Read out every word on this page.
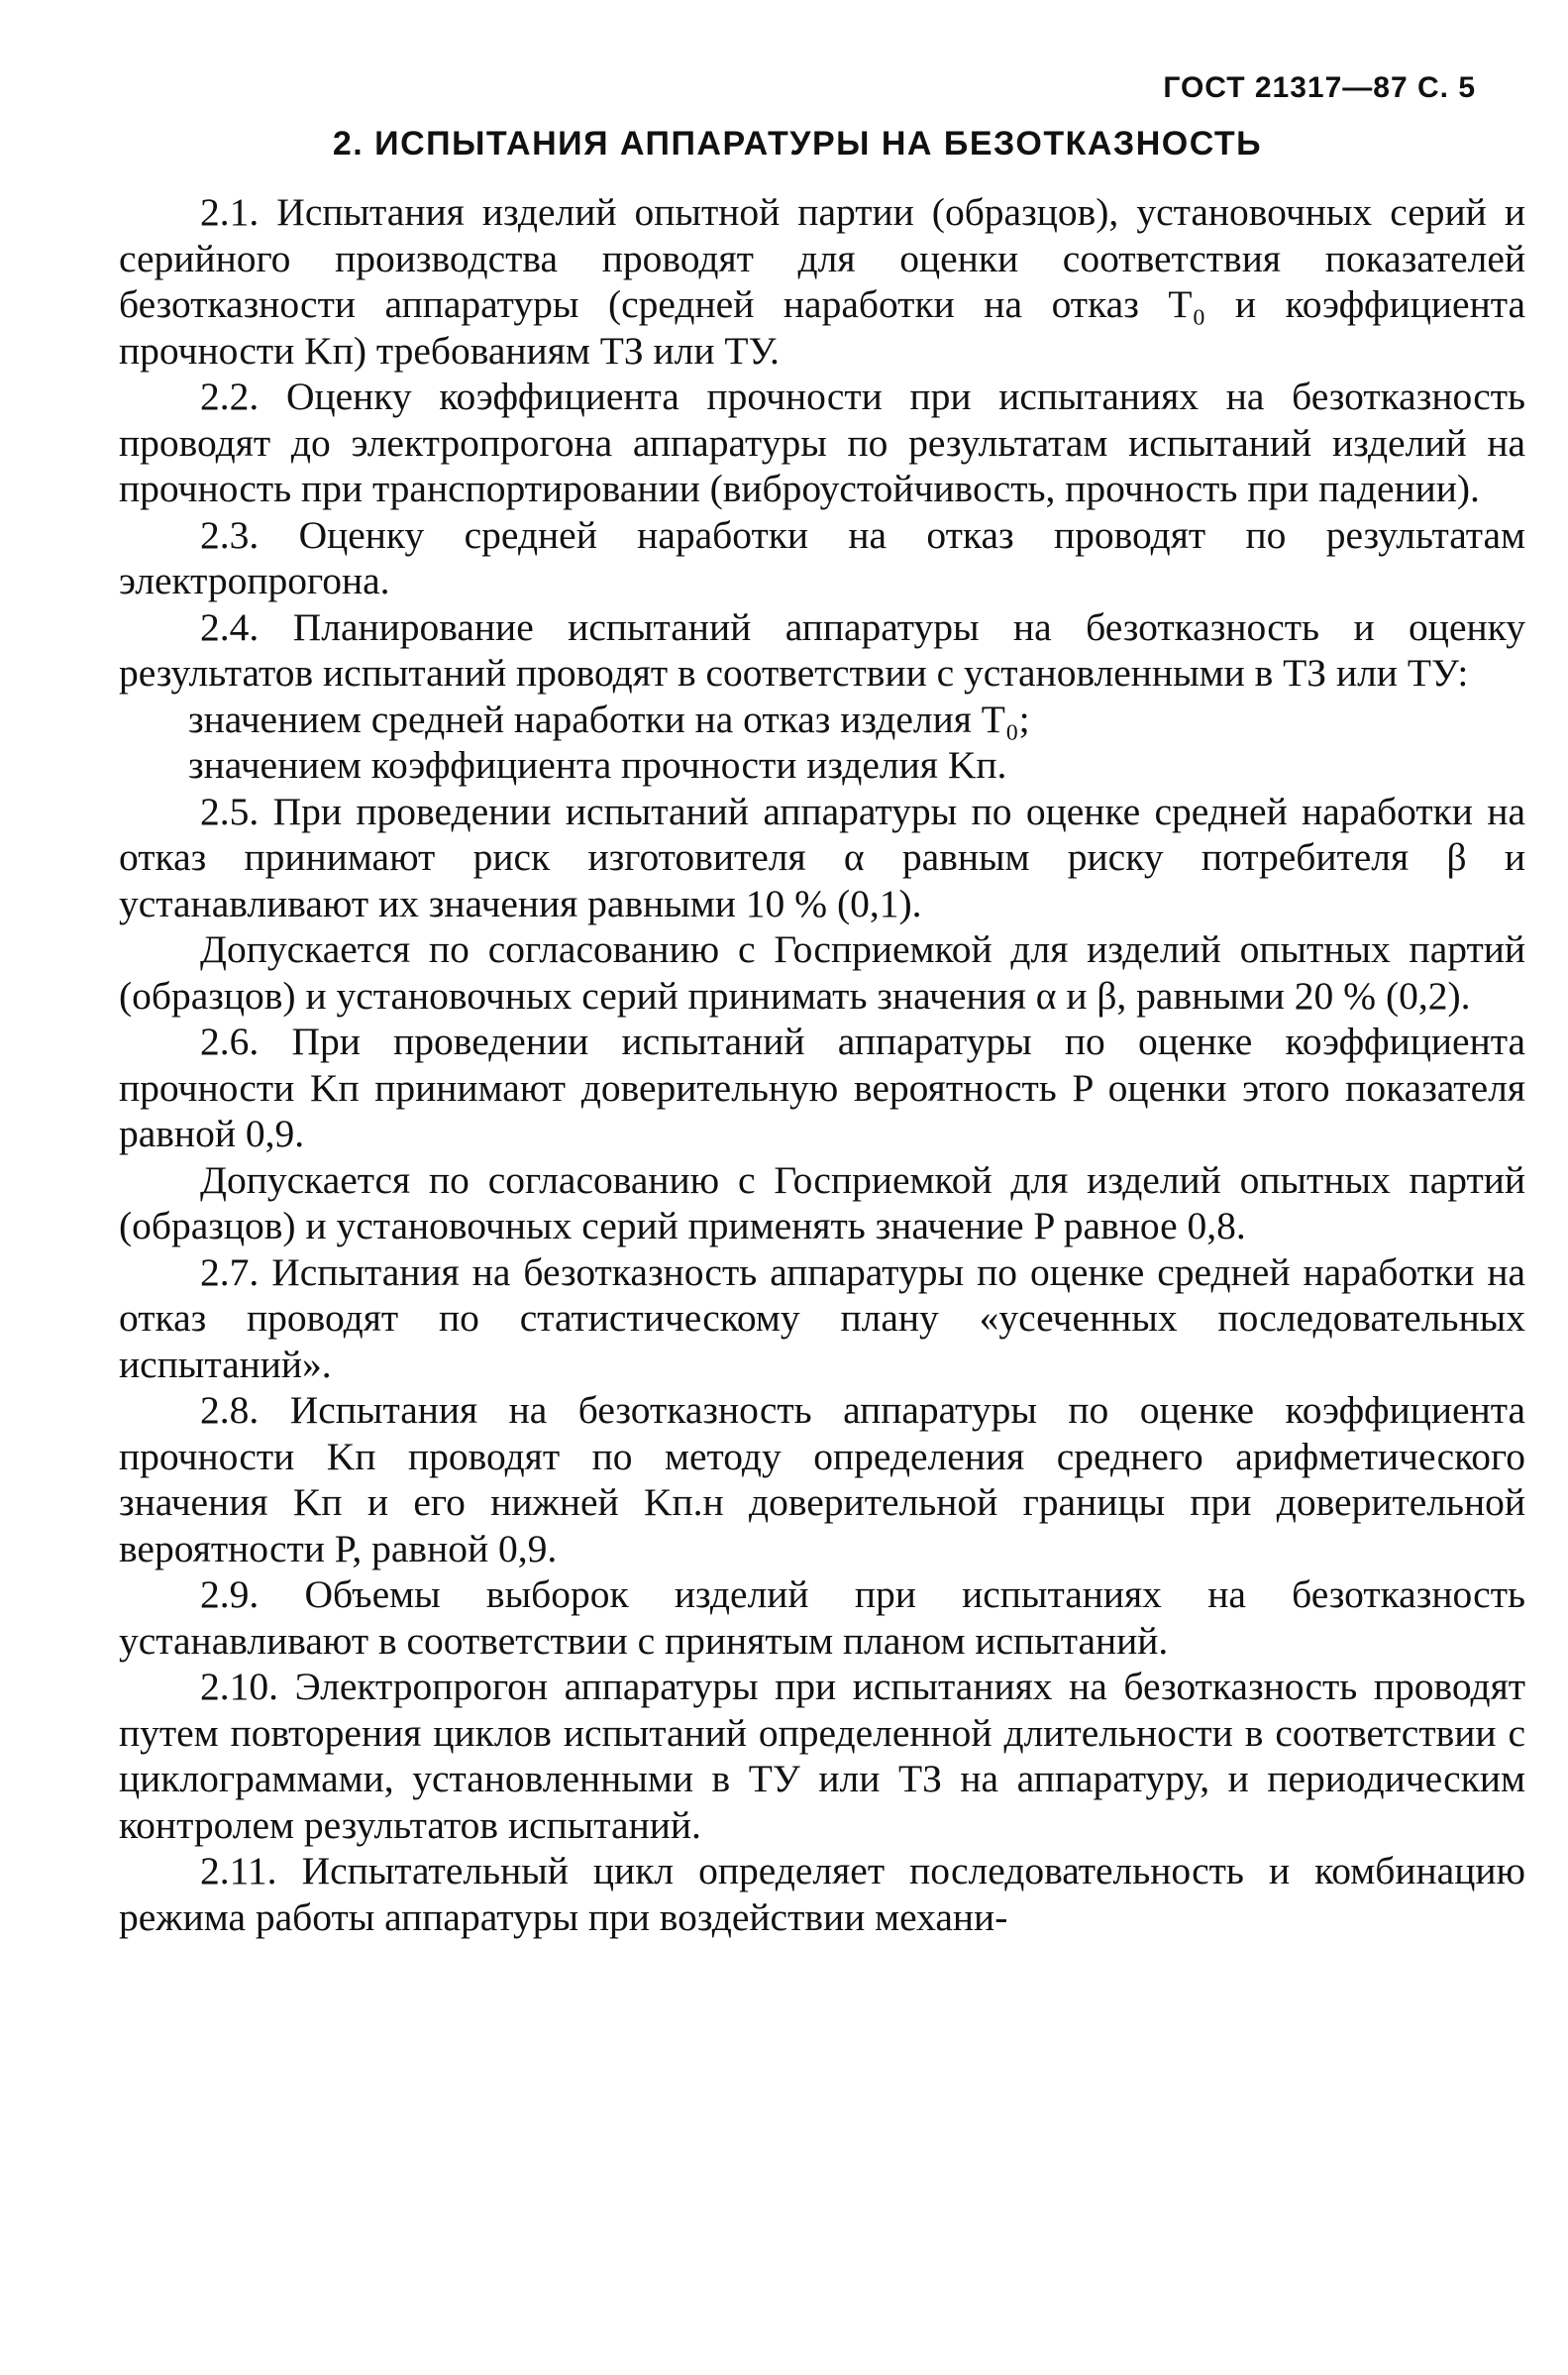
ГОСТ 21317—87 С. 5
2. ИСПЫТАНИЯ АППАРАТУРЫ НА БЕЗОТКАЗНОСТЬ

2.1. Испытания изделий опытной партии (образцов), установочных серий и серийного производства проводят для оценки соответствия показателей безотказности аппаратуры (средней наработки на отказ T₀ и коэффициента прочности Kп) требованиям ТЗ или ТУ.

2.2. Оценку коэффициента прочности при испытаниях на безотказность проводят до электропрогона аппаратуры по результатам испытаний изделий на прочность при транспортировании (виброустойчивость, прочность при падении).

2.3. Оценку средней наработки на отказ проводят по результатам электропрогона.

2.4. Планирование испытаний аппаратуры на безотказность и оценку результатов испытаний проводят в соответствии с установленными в ТЗ или ТУ:

значением средней наработки на отказ изделия T₀;

значением коэффициента прочности изделия Kп.

2.5. При проведении испытаний аппаратуры по оценке средней наработки на отказ принимают риск изготовителя α равным риску потребителя β и устанавливают их значения равными 10 % (0,1).

Допускается по согласованию с Госприемкой для изделий опытных партий (образцов) и установочных серий принимать значения α и β, равными 20 % (0,2).

2.6. При проведении испытаний аппаратуры по оценке коэффициента прочности Kп принимают доверительную вероятность P оценки этого показателя равной 0,9.

Допускается по согласованию с Госприемкой для изделий опытных партий (образцов) и установочных серий применять значение P равное 0,8.

2.7. Испытания на безотказность аппаратуры по оценке средней наработки на отказ проводят по статистическому плану «усеченных последовательных испытаний».

2.8. Испытания на безотказность аппаратуры по оценке коэффициента прочности Kп проводят по методу определения среднего арифметического значения Kп и его нижней Kп.н доверительной границы при доверительной вероятности P, равной 0,9.

2.9. Объемы выборок изделий при испытаниях на безотказность устанавливают в соответствии с принятым планом испытаний.

2.10. Электропрогон аппаратуры при испытаниях на безотказность проводят путем повторения циклов испытаний определенной длительности в соответствии с циклограммами, установленными в ТУ или ТЗ на аппаратуру, и периодическим контролем результатов испытаний.

2.11. Испытательный цикл определяет последовательность и комбинацию режима работы аппаратуры при воздействии механи-
